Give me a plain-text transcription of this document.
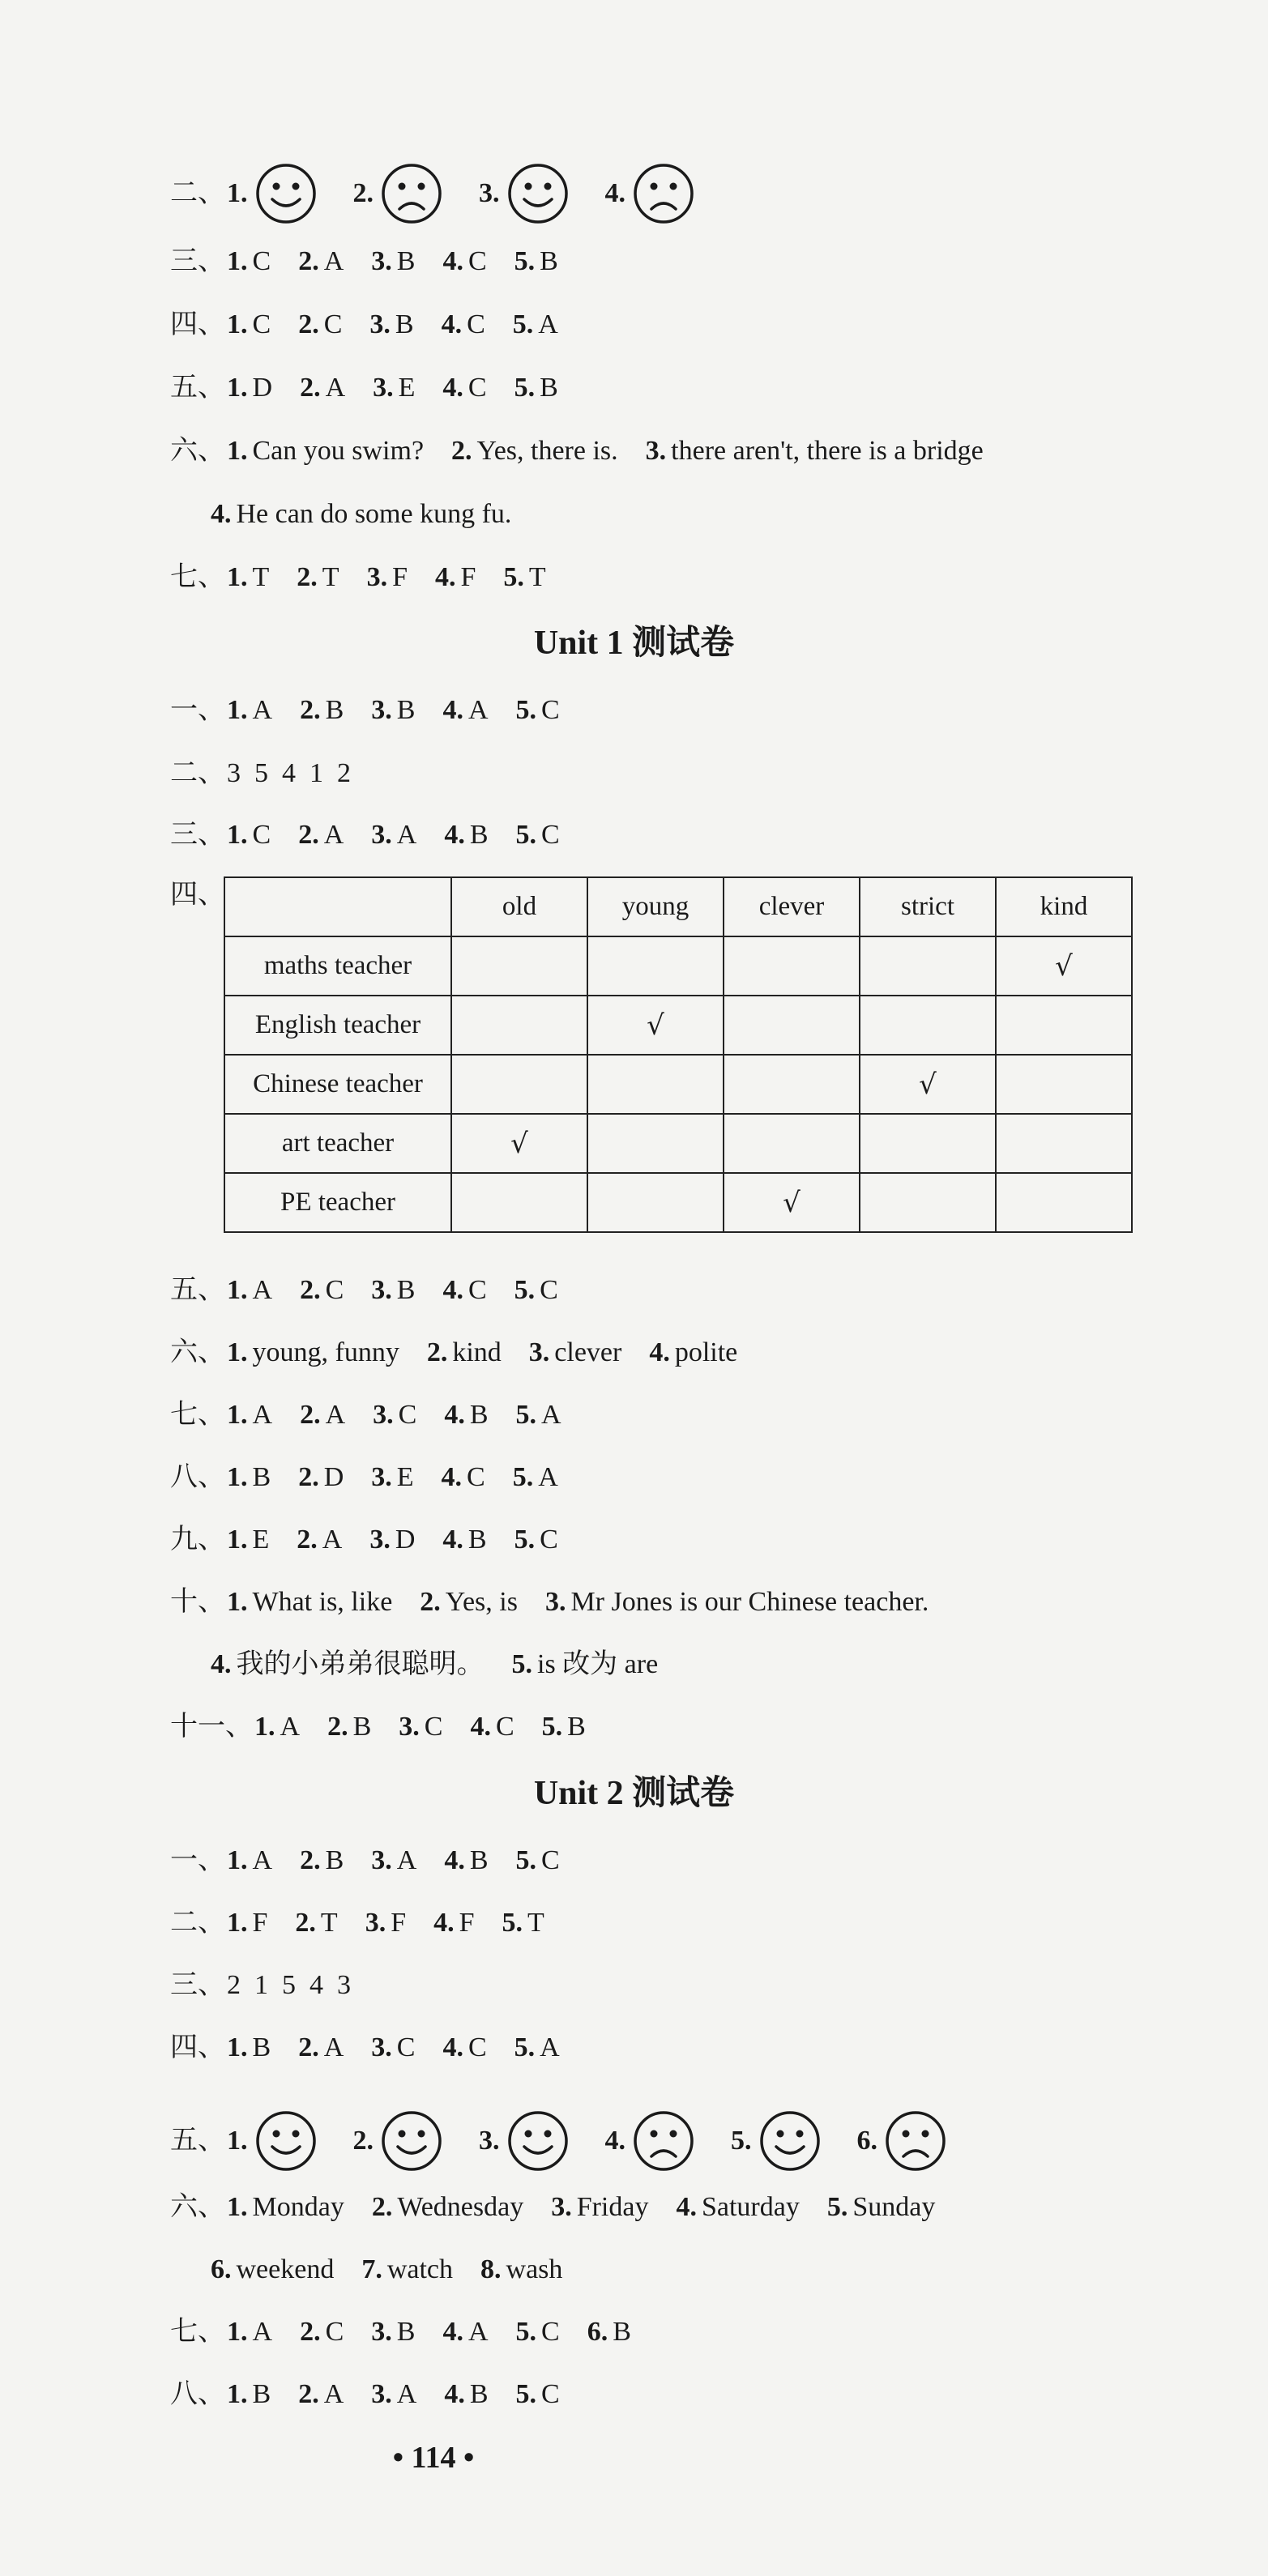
二、 1.	2.	3.	4.
三、 1. C 2. A 3. B 4. C 5. B
四、 1. C 2. C 3. B 4. C 5. A
五、 1. D 2. A 3. E 4. C 5. B
六、 1. Can you swim? 2. Yes, there is. 3. there aren't, there is a bridge
4. He can do some kung fu.
七、 1. T 2. T 3. F 4. F 5. T
Unit 1 测试卷
一、 1. A 2. B 3. B 4. A 5. C
二、 3  5  4  1  2
三、 1. C 2. A 3. A 4. B 5. C
四、
		old	young	clever	strict	kind
maths teacher					√
English teacher		√			
Chinese teacher				√	
art teacher	√				
PE teacher			√		
五、 1. A 2. C 3. B 4. C 5. C
六、 1. young, funny 2. kind 3. clever 4. polite
七、 1. A 2. A 3. C 4. B 5. A
八、 1. B 2. D 3. E 4. C 5. A
九、 1. E 2. A 3. D 4. B 5. C
十、 1. What is, like 2. Yes, is 3. Mr Jones is our Chinese teacher.
4. 我的小弟弟很聪明。 5. is 改为 are
十一、 1. A 2. B 3. C 4. C 5. B
Unit 2 测试卷
一、 1. A 2. B 3. A 4. B 5. C
二、 1. F 2. T 3. F 4. F 5. T
三、 2  1  5  4  3
四、 1. B 2. A 3. C 4. C 5. A
五、 1.	2.	3.	4.	5.	6.
六、 1. Monday 2. Wednesday 3. Friday 4. Saturday 5. Sunday
6. weekend 7. watch 8. wash
七、 1. A 2. C 3. B 4. A 5. C 6. B
八、 1. B 2. A 3. A 4. B 5. C
• 114 •
